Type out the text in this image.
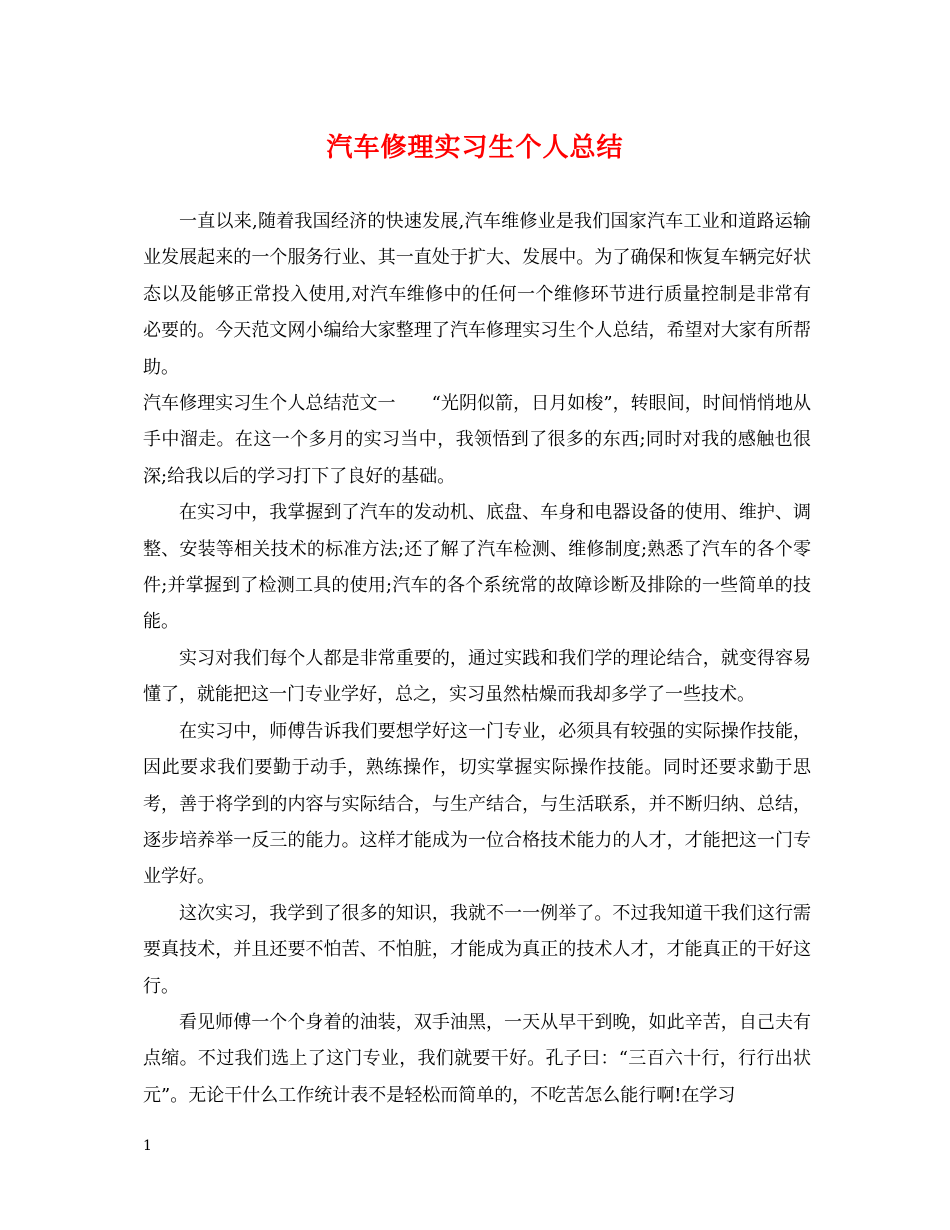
汽车修理实习生个人总结

一直以来,随着我国经济的快速发展,汽车维修业是我们国家汽车工业和道路运输业发展起来的一个服务行业、其一直处于扩大、发展中。为了确保和恢复车辆完好状态以及能够正常投入使用,对汽车维修中的任何一个维修环节进行质量控制是非常有必要的。今天范文网小编给大家整理了汽车修理实习生个人总结，希望对大家有所帮助。

汽车修理实习生个人总结范文一　　“光阴似箭，日月如梭”，转眼间，时间悄悄地从手中溜走。在这一个多月的实习当中，我领悟到了很多的东西;同时对我的感触也很深;给我以后的学习打下了良好的基础。

在实习中，我掌握到了汽车的发动机、底盘、车身和电器设备的使用、维护、调整、安装等相关技术的标准方法;还了解了汽车检测、维修制度;熟悉了汽车的各个零件;并掌握到了检测工具的使用;汽车的各个系统常的故障诊断及排除的一些简单的技能。

实习对我们每个人都是非常重要的，通过实践和我们学的理论结合，就变得容易懂了，就能把这一门专业学好，总之，实习虽然枯燥而我却多学了一些技术。

在实习中，师傅告诉我们要想学好这一门专业，必须具有较强的实际操作技能，因此要求我们要勤于动手，熟练操作，切实掌握实际操作技能。同时还要求勤于思考，善于将学到的内容与实际结合，与生产结合，与生活联系，并不断归纳、总结，逐步培养举一反三的能力。这样才能成为一位合格技术能力的人才，才能把这一门专业学好。

这次实习，我学到了很多的知识，我就不一一例举了。不过我知道干我们这行需要真技术，并且还要不怕苦、不怕脏，才能成为真正的技术人才，才能真正的干好这行。

看见师傅一个个身着的油装，双手油黑，一天从早干到晚，如此辛苦，自己夫有点缩。不过我们选上了这门专业，我们就要干好。孔子曰：“三百六十行，行行出状元”。无论干什么工作统计表不是轻松而简单的，不吃苦怎么能行啊!在学习

1
